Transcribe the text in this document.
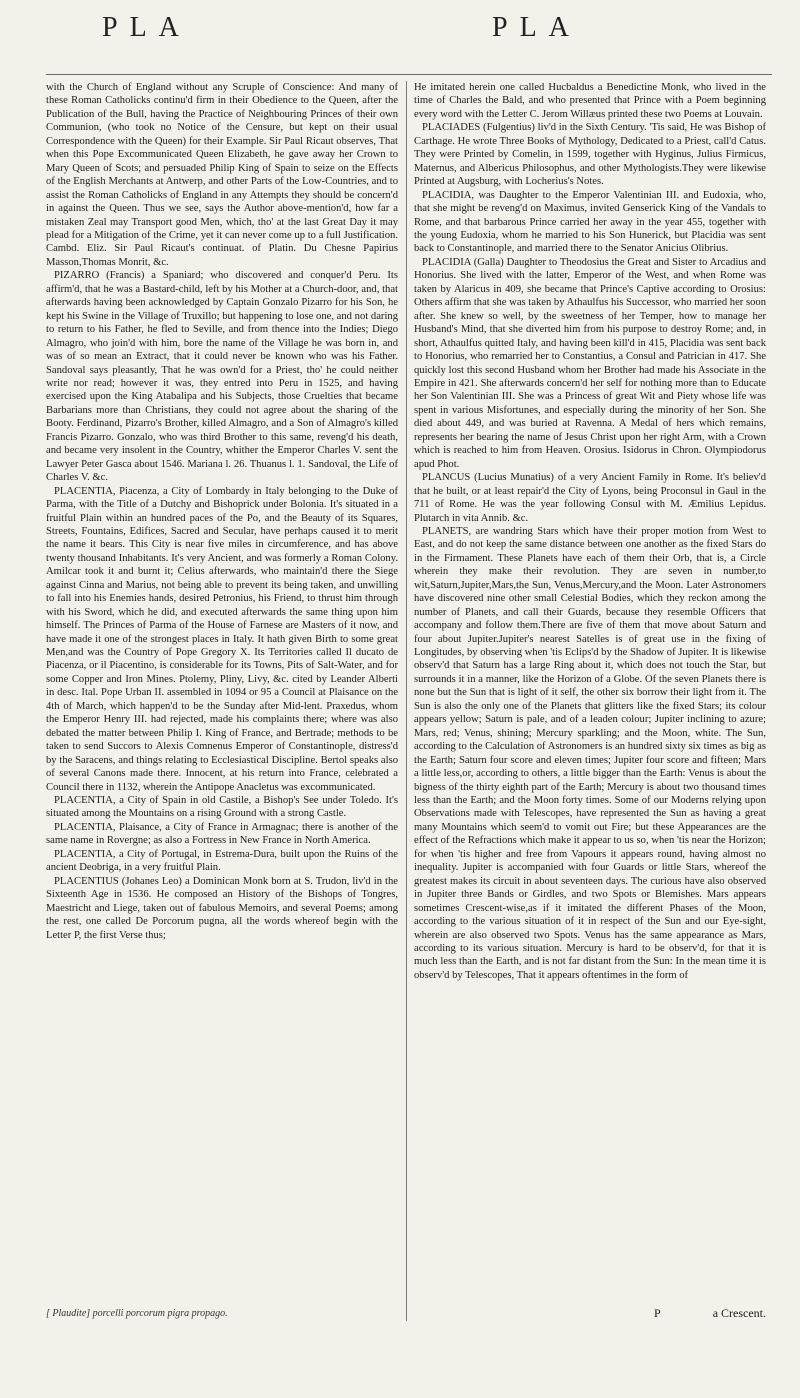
PLA	PLA

with the Church of England without any Scruple of Conscience: And many of these Roman Catholicks continu'd firm in their Obedience to the Queen, after the Publication of the Bull, having the Practice of Neighbouring Princes of their own Communion, (who took no Notice of the Censure, but kept on their usual Correspondence with the Queen) for their Example. Sir Paul Ricaut observes, That when this Pope Excommunicated Queen Elizabeth, he gave away her Crown to Mary Queen of Scots; and persuaded Philip King of Spain to seize on the Effects of the English Merchants at Antwerp, and other Parts of the Low-Countries, and to assist the Roman Catholicks of England in any Attempts they should be concern'd in against the Queen. Thus we see, says the Author above-mention'd, how far a mistaken Zeal may Transport good Men, which, tho' at the last Great Day it may plead for a Mitigation of the Crime, yet it can never come up to a full Justification. Cambd. Eliz. Sir Paul Ricaut's continuat. of Platin. Du Chesne Papirius Masson,Thomas Monrit, &c.

PIZARRO (Francis) a Spaniard; who discovered and conquer'd Peru. Its affirm'd, that he was a Bastard-child, left by his Mother at a Church-door, and, that afterwards having been acknowledged by Captain Gonzalo Pizarro for his Son, he kept his Swine in the Village of Truxillo; but happening to lose one, and not daring to return to his Father, he fled to Seville, and from thence into the Indies; Diego Almagro, who join'd with him, bore the name of the Village he was born in, and was of so mean an Extract, that it could never be known who was his Father. Sandoval says pleasantly, That he was own'd for a Priest, tho' he could neither write nor read; however it was, they entred into Peru in 1525, and having exercised upon the King Atabalipa and his Subjects, those Cruelties that became Barbarians more than Christians, they could not agree about the sharing of the Booty. Ferdinand, Pizarro's Brother, killed Almagro, and a Son of Almagro's killed Francis Pizarro. Gonzalo, who was third Brother to this same, reveng'd his death, and became very insolent in the Country, whither the Emperor Charles V. sent the Lawyer Peter Gasca about 1546. Mariana l. 26. Thuanus l. 1. Sandoval, the Life of Charles V. &c.

PLACENTIA, Piacenza, a City of Lombardy in Italy belonging to the Duke of Parma, with the Title of a Dutchy and Bishoprick under Bolonia. It's situated in a fruitful Plain within an hundred paces of the Po, and the Beauty of its Squares, Streets, Fountains, Edifices, Sacred and Secular, have perhaps caused it to merit the name it bears. This City is near five miles in circumference, and has above twenty thousand Inhabitants. It's very Ancient, and was formerly a Roman Colony. Amilcar took it and burnt it; Celius afterwards, who maintain'd there the Siege against Cinna and Marius, not being able to prevent its being taken, and unwilling to fall into his Enemies hands, desired Petronius, his Friend, to thrust him through with his Sword, which he did, and executed afterwards the same thing upon him himself. The Princes of Parma of the House of Farnese are Masters of it now, and have made it one of the strongest places in Italy. It hath given Birth to some great Men,and was the Country of Pope Gregory X. Its Territories called Il ducato de Piacenza, or il Piacentino, is considerable for its Towns, Pits of Salt-Water, and for some Copper and Iron Mines. Ptolemy, Pliny, Livy, &c. cited by Leander Alberti in desc. Ital. Pope Urban II. assembled in 1094 or 95 a Council at Plaisance on the 4th of March, which happen'd to be the Sunday after Mid-lent. Praxedus, whom the Emperor Henry III. had rejected, made his complaints there; where was also debated the matter between Philip I. King of France, and Bertrade; methods to be taken to send Succors to Alexis Comnenus Emperor of Constantinople, distress'd by the Saracens, and things relating to Ecclesiastical Discipline. Bertol speaks also of several Canons made there. Innocent, at his return into France, celebrated a Council there in 1132, wherein the Antipope Anacletus was excommunicated.

PLACENTIA, a City of Spain in old Castile, a Bishop's See under Toledo. It's situated among the Mountains on a rising Ground with a strong Castle.

PLACENTIA, Plaisance, a City of France in Armagnac; there is another of the same name in Rovergne; as also a Fortress in New France in North America.

PLACENTIA, a City of Portugal, in Estrema-Dura, built upon the Ruins of the ancient Deobriga, in a very fruitful Plain.

PLACENTIUS (Johanes Leo) a Dominican Monk born at S. Trudon, liv'd in the Sixteenth Age in 1536. He composed an History of the Bishops of Tongres, Maestricht and Liege, taken out of fabulous Memoirs, and several Poems; among the rest, one called De Porcorum pugna, all the words whereof begin with the Letter P, the first Verse thus;

He imitated herein one called Hucbaldus a Benedictine Monk, who lived in the time of Charles the Bald, and who presented that Prince with a Poem beginning every word with the Letter C. Jerom Willæus printed these two Poems at Louvain.

PLACIADES (Fulgentius) liv'd in the Sixth Century. 'Tis said, He was Bishop of Carthage. He wrote Three Books of Mythology, Dedicated to a Priest, call'd Catus. They were Printed by Comelin, in 1599, together with Hyginus, Julius Firmicus, Maternus, and Albericus Philosophus, and other Mythologists.They were likewise Printed at Augsburg, with Locherius's Notes.

PLACIDIA, was Daughter to the Emperor Valentinian III. and Eudoxia, who, that she might be reveng'd on Maximus, invited Genserick King of the Vandals to Rome, and that barbarous Prince carried her away in the year 455, together with the young Eudoxia, whom he married to his Son Hunerick, but Placidia was sent back to Constantinople, and married there to the Senator Anicius Olibrius.

PLACIDIA (Galla) Daughter to Theodosius the Great and Sister to Arcadius and Honorius. She lived with the latter, Emperor of the West, and when Rome was taken by Alaricus in 409, she became that Prince's Captive according to Orosius: Others affirm that she was taken by Athaulfus his Successor, who married her soon after. She knew so well, by the sweetness of her Temper, how to manage her Husband's Mind, that she diverted him from his purpose to destroy Rome; and, in short, Athaulfus quitted Italy, and having been kill'd in 415, Placidia was sent back to Honorius, who remarried her to Constantius, a Consul and Patrician in 417. She quickly lost this second Husband whom her Brother had made his Associate in the Empire in 421. She afterwards concern'd her self for nothing more than to Educate her Son Valentinian III. She was a Princess of great Wit and Piety whose life was spent in various Misfortunes, and especially during the minority of her Son. She died about 449, and was buried at Ravenna. A Medal of hers which remains, represents her bearing the name of Jesus Christ upon her right Arm, with a Crown which is reached to him from Heaven. Orosius. Isidorus in Chron. Olympiodorus apud Phot.

PLANCUS (Lucius Munatius) of a very Ancient Family in Rome. It's believ'd that he built, or at least repair'd the City of Lyons, being Proconsul in Gaul in the 711 of Rome. He was the year following Consul with M. Æmilius Lepidus. Plutarch in vita Annib. &c.

PLANETS, are wandring Stars which have their proper motion from West to East, and do not keep the same distance between one another as the fixed Stars do in the Firmament. These Planets have each of them their Orb, that is, a Circle wherein they make their revolution. They are seven in number,to wit,Saturn,Jupiter,Mars,the Sun, Venus,Mercury,and the Moon. Later Astronomers have discovered nine other small Celestial Bodies, which they reckon among the number of Planets, and call their Guards, because they resemble Officers that accompany and follow them.There are five of them that move about Saturn and four about Jupiter.Jupiter's nearest Satelles is of great use in the fixing of Longitudes, by observing when 'tis Eclips'd by the Shadow of Jupiter. It is likewise observ'd that Saturn has a large Ring about it, which does not touch the Star, but surrounds it in a manner, like the Horizon of a Globe. Of the seven Planets there is none but the Sun that is light of it self, the other six borrow their light from it. The Sun is also the only one of the Planets that glitters like the fixed Stars; its colour appears yellow; Saturn is pale, and of a leaden colour; Jupiter inclining to azure; Mars, red; Venus, shining; Mercury sparkling; and the Moon, white. The Sun, according to the Calculation of Astronomers is an hundred sixty six times as big as the Earth; Saturn four score and eleven times; Jupiter four score and fifteen; Mars a little less,or, according to others, a little bigger than the Earth: Venus is about the bigness of the thirty eighth part of the Earth; Mercury is about two thousand times less than the Earth; and the Moon forty times. Some of our Moderns relying upon Observations made with Telescopes, have represented the Sun as having a great many Mountains which seem'd to vomit out Fire; but these Appearances are the effect of the Refractions which make it appear to us so, when 'tis near the Horizon; for when 'tis higher and free from Vapours it appears round, having almost no inequality. Jupiter is accompanied with four Guards or little Stars, whereof the greatest makes its circuit in about seventeen days. The curious have also observed in Jupiter three Bands or Girdles, and two Spots or Blemishes. Mars appears sometimes Crescent-wise,as if it imitated the different Phases of the Moon, according to the various situation of it in respect of the Sun and our Eye-sight, wherein are also observed two Spots. Venus has the same appearance as Mars, according to its various situation. Mercury is hard to be observ'd, for that it is much less than the Earth, and is not far distant from the Sun: In the mean time it is observ'd by Telescopes, That it appears oftentimes in the form of

[ Plaudite] porcelli porcorum pigra propago.	P	a Crescent.
